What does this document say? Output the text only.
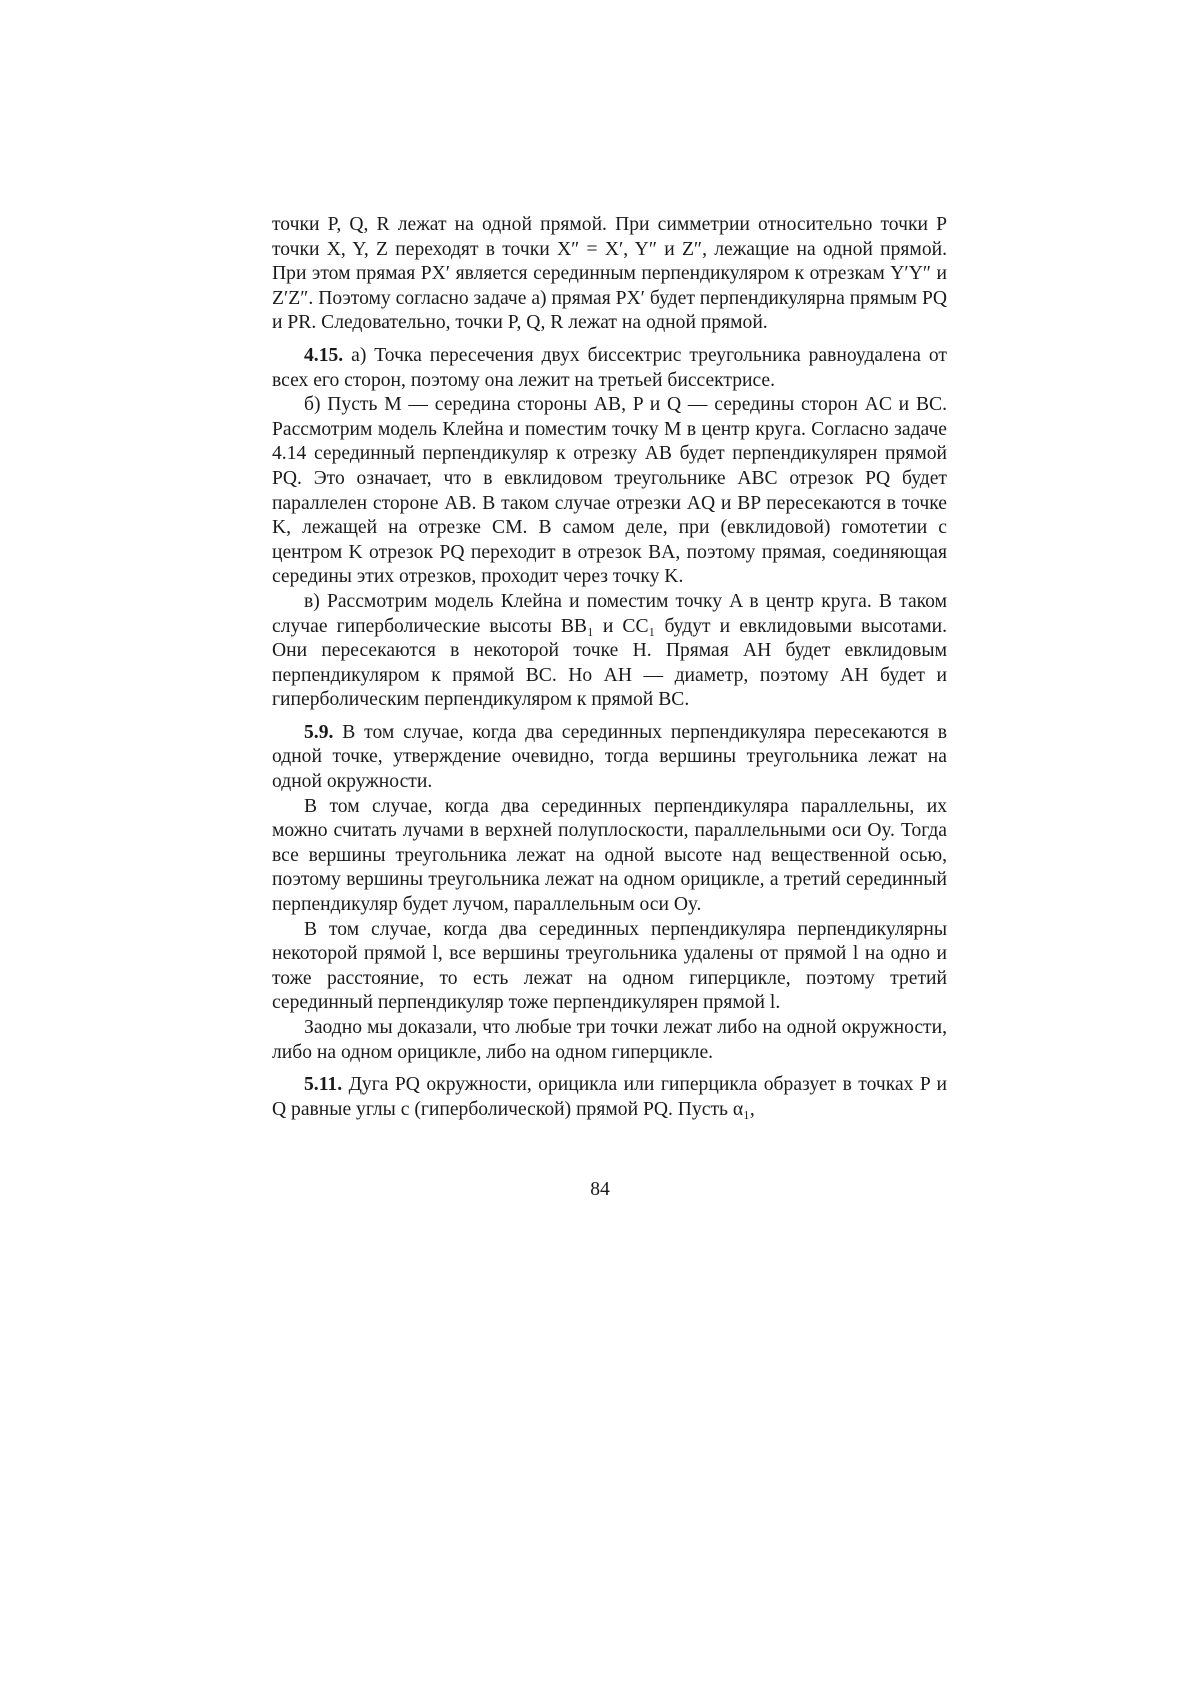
точки P, Q, R лежат на одной прямой. При симметрии относительно точки P точки X, Y, Z переходят в точки X″ = X′, Y″ и Z″, лежащие на одной прямой. При этом прямая PX′ является серединным перпендикуляром к отрезкам Y′Y″ и Z′Z″. Поэтому согласно задаче а) прямая PX′ будет перпендикулярна прямым PQ и PR. Следовательно, точки P, Q, R лежат на одной прямой.

4.15. а) Точка пересечения двух биссектрис треугольника равноудалена от всех его сторон, поэтому она лежит на третьей биссектрисе.

б) Пусть M — середина стороны AB, P и Q — середины сторон AC и BC. Рассмотрим модель Клейна и поместим точку M в центр круга. Согласно задаче 4.14 серединный перпендикуляр к отрезку AB будет перпендикулярен прямой PQ. Это означает, что в евклидовом треугольнике ABC отрезок PQ будет параллелен стороне AB. В таком случае отрезки AQ и BP пересекаются в точке K, лежащей на отрезке CM. В самом деле, при (евклидовой) гомотетии с центром K отрезок PQ переходит в отрезок BA, поэтому прямая, соединяющая середины этих отрезков, проходит через точку K.

в) Рассмотрим модель Клейна и поместим точку A в центр круга. В таком случае гиперболические высоты BB₁ и CC₁ будут и евклидовыми высотами. Они пересекаются в некоторой точке H. Прямая AH будет евклидовым перпендикуляром к прямой BC. Но AH — диаметр, поэтому AH будет и гиперболическим перпендикуляром к прямой BC.

5.9. В том случае, когда два серединных перпендикуляра пересекаются в одной точке, утверждение очевидно, тогда вершины треугольника лежат на одной окружности.

В том случае, когда два серединных перпендикуляра параллельны, их можно считать лучами в верхней полуплоскости, параллельными оси Oy. Тогда все вершины треугольника лежат на одной высоте над вещественной осью, поэтому вершины треугольника лежат на одном орицикле, а третий серединный перпендикуляр будет лучом, параллельным оси Oy.

В том случае, когда два серединных перпендикуляра перпендикулярны некоторой прямой l, все вершины треугольника удалены от прямой l на одно и тоже расстояние, то есть лежат на одном гиперцикле, поэтому третий серединный перпендикуляр тоже перпендикулярен прямой l.

Заодно мы доказали, что любые три точки лежат либо на одной окружности, либо на одном орицикле, либо на одном гиперцикле.

5.11. Дуга PQ окружности, орицикла или гиперцикла образует в точках P и Q равные углы с (гиперболической) прямой PQ. Пусть α₁,

84
